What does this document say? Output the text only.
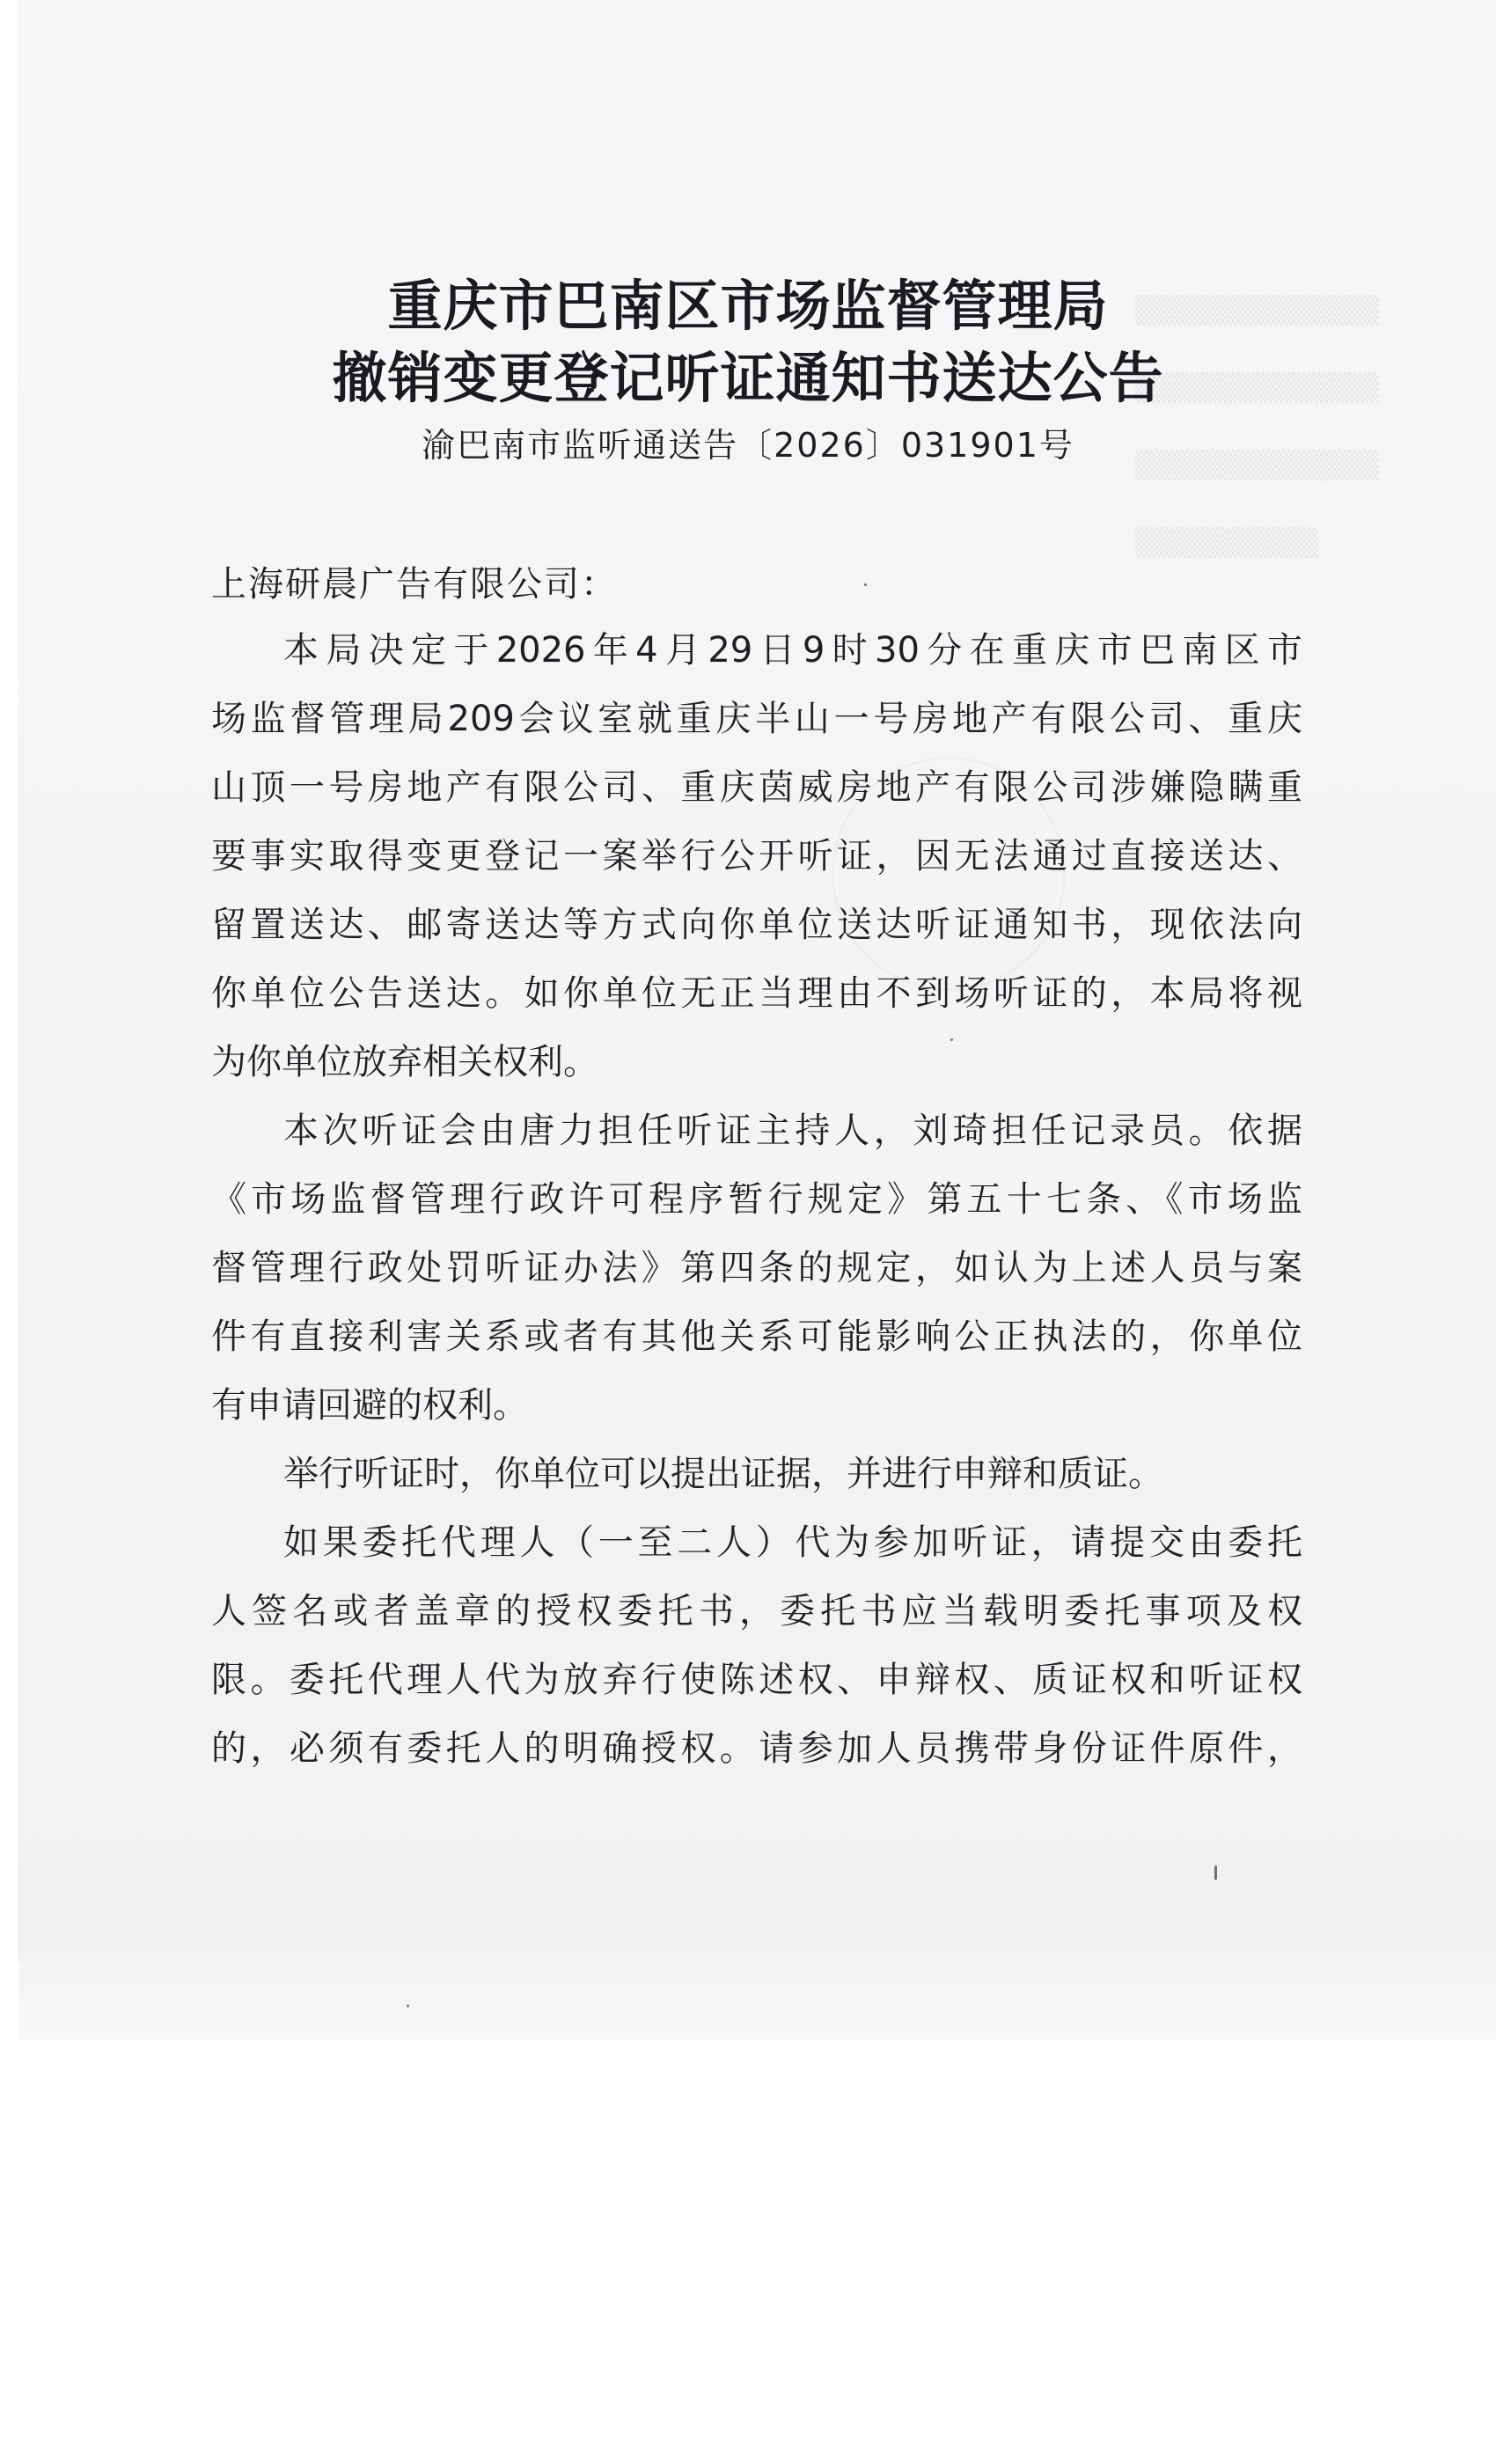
▒▒▒▒▒▒▒▒▒▒▒▒
▒▒▒▒▒▒▒▒▒▒▒▒
▒▒▒▒▒▒▒▒▒▒▒▒
▒▒▒▒▒▒▒▒▒
重庆市巴南区市场监督管理局
撤销变更登记听证通知书送达公告
渝巴南市监听通送告〔2026〕031901号
上海研晨广告有限公司：
本局决定于2026年4月29日9时30分在重庆市巴南区市
场监督管理局209会议室就重庆半山一号房地产有限公司、重庆
山顶一号房地产有限公司、重庆茵威房地产有限公司涉嫌隐瞒重
要事实取得变更登记一案举行公开听证，因无法通过直接送达、
留置送达、邮寄送达等方式向你单位送达听证通知书，现依法向
你单位公告送达。如你单位无正当理由不到场听证的，本局将视
为你单位放弃相关权利。
本次听证会由唐力担任听证主持人，刘琦担任记录员。依据
《市场监督管理行政许可程序暂行规定》第五十七条、《市场监
督管理行政处罚听证办法》第四条的规定，如认为上述人员与案
件有直接利害关系或者有其他关系可能影响公正执法的，你单位
有申请回避的权利。
举行听证时，你单位可以提出证据，并进行申辩和质证。
如果委托代理人（一至二人）代为参加听证，请提交由委托
人签名或者盖章的授权委托书，委托书应当载明委托事项及权
限。委托代理人代为放弃行使陈述权、申辩权、质证权和听证权
的，必须有委托人的明确授权。请参加人员携带身份证件原件，
